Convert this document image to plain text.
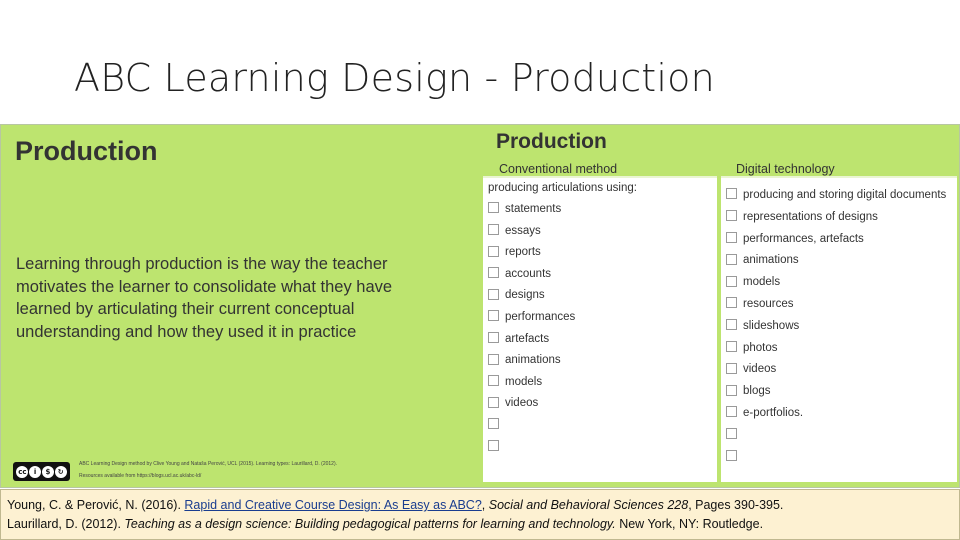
ABC Learning Design - Production
Production
Learning through production is the way the teacher motivates the learner to consolidate what they have learned by articulating their current conceptual understanding and how they used it in practice
cc	i	$	↻
ABC Learning Design method by Clive Young and Nataša Perović, UCL (2015). Learning types: Laurillard, D. (2012).
Resources available from https://blogs.ucl.ac.uk/abc-ld/
Production
Conventional method
producing articulations using:
statements
essays
reports
accounts
designs
performances
artefacts
animations
models
videos
Digital technology
producing and storing digital documents
representations of designs
performances, artefacts
animations
models
resources
slideshows
photos
videos
blogs
e-portfolios.
Young, C. & Perović, N. (2016). Rapid and Creative Course Design: As Easy as ABC?, Social and Behavioral Sciences 228, Pages 390-395.
Laurillard, D. (2012). Teaching as a design science: Building pedagogical patterns for learning and technology. New York, NY: Routledge.
